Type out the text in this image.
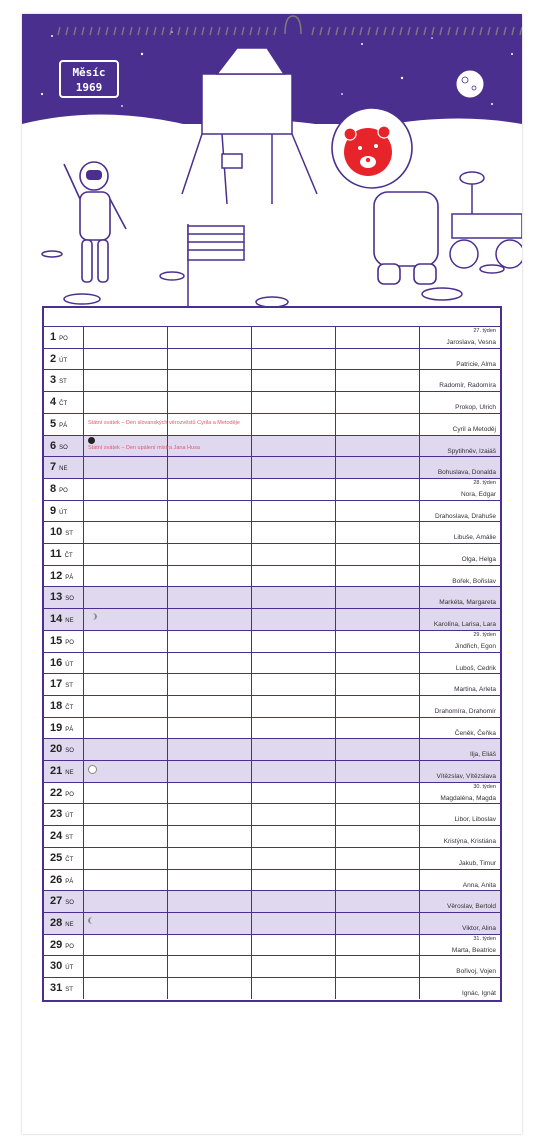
Měsíc
1969
1 PO	Jaroslava, Vesna
27. týden
2 ÚT	Patricie, Alma
3 ST	Radomír, Radomíra
4 ČT	Prokop, Ulrich
5 PÁ	Cyril a Metoděj
Státní svátek – Den slovanských věrozvěstů Cyrila a Metoděje
6 SO	Spytihněv, Izaiáš
Státní svátek – Den upálení mistra Jana Husa
7 NE	Bohuslava, Donalda
8 PO	Nora, Edgar
28. týden
9 ÚT	Drahoslava, Drahuše
10 ST	Libuše, Amálie
11 ČT	Olga, Helga
12 PÁ	Bořek, Bořislav
13 SO	Markéta, Margareta
14 NE	Karolína, Larisa, Lara
15 PO	Jindřich, Egon
29. týden
16 ÚT	Luboš, Cedrik
17 ST	Martina, Arleta
18 ČT	Drahomíra, Drahomír
19 PÁ	Čeněk, Čeňka
20 SO	Ilja, Eliáš
21 NE	Vítězslav, Vítězslava
22 PO	Magdaléna, Magda
30. týden
23 ÚT	Libor, Liboslav
24 ST	Kristýna, Kristiána
25 ČT	Jakub, Timur
26 PÁ	Anna, Anita
27 SO	Věroslav, Bertold
28 NE	Viktor, Alina
29 PO	Marta, Beatrice
31. týden
30 ÚT	Bořivoj, Vojen
31 ST	Ignác, Ignát
